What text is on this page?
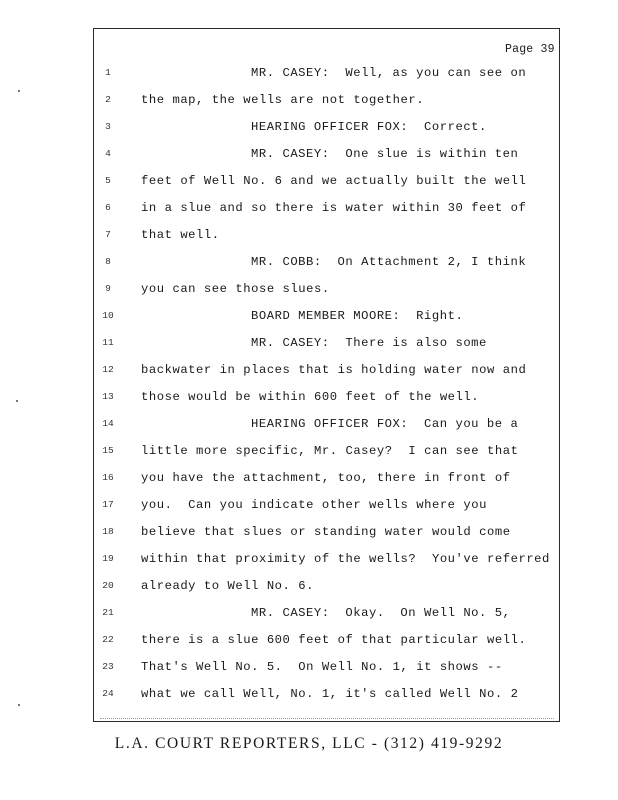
Page 39
1	MR. CASEY:  Well, as you can see on
2	the map, the wells are not together.
3	HEARING OFFICER FOX:  Correct.
4	MR. CASEY:  One slue is within ten
5	feet of Well No. 6 and we actually built the well
6	in a slue and so there is water within 30 feet of
7	that well.
8	MR. COBB:  On Attachment 2, I think
9	you can see those slues.
10	BOARD MEMBER MOORE:  Right.
11	MR. CASEY:  There is also some
12	backwater in places that is holding water now and
13	those would be within 600 feet of the well.
14	HEARING OFFICER FOX:  Can you be a
15	little more specific, Mr. Casey?  I can see that
16	you have the attachment, too, there in front of
17	you.  Can you indicate other wells where you
18	believe that slues or standing water would come
19	within that proximity of the wells?  You've referred
20	already to Well No. 6.
21	MR. CASEY:  Okay.  On Well No. 5,
22	there is a slue 600 feet of that particular well.
23	That's Well No. 5.  On Well No. 1, it shows --
24	what we call Well, No. 1, it's called Well No. 2
L.A. COURT REPORTERS, LLC - (312) 419-9292
